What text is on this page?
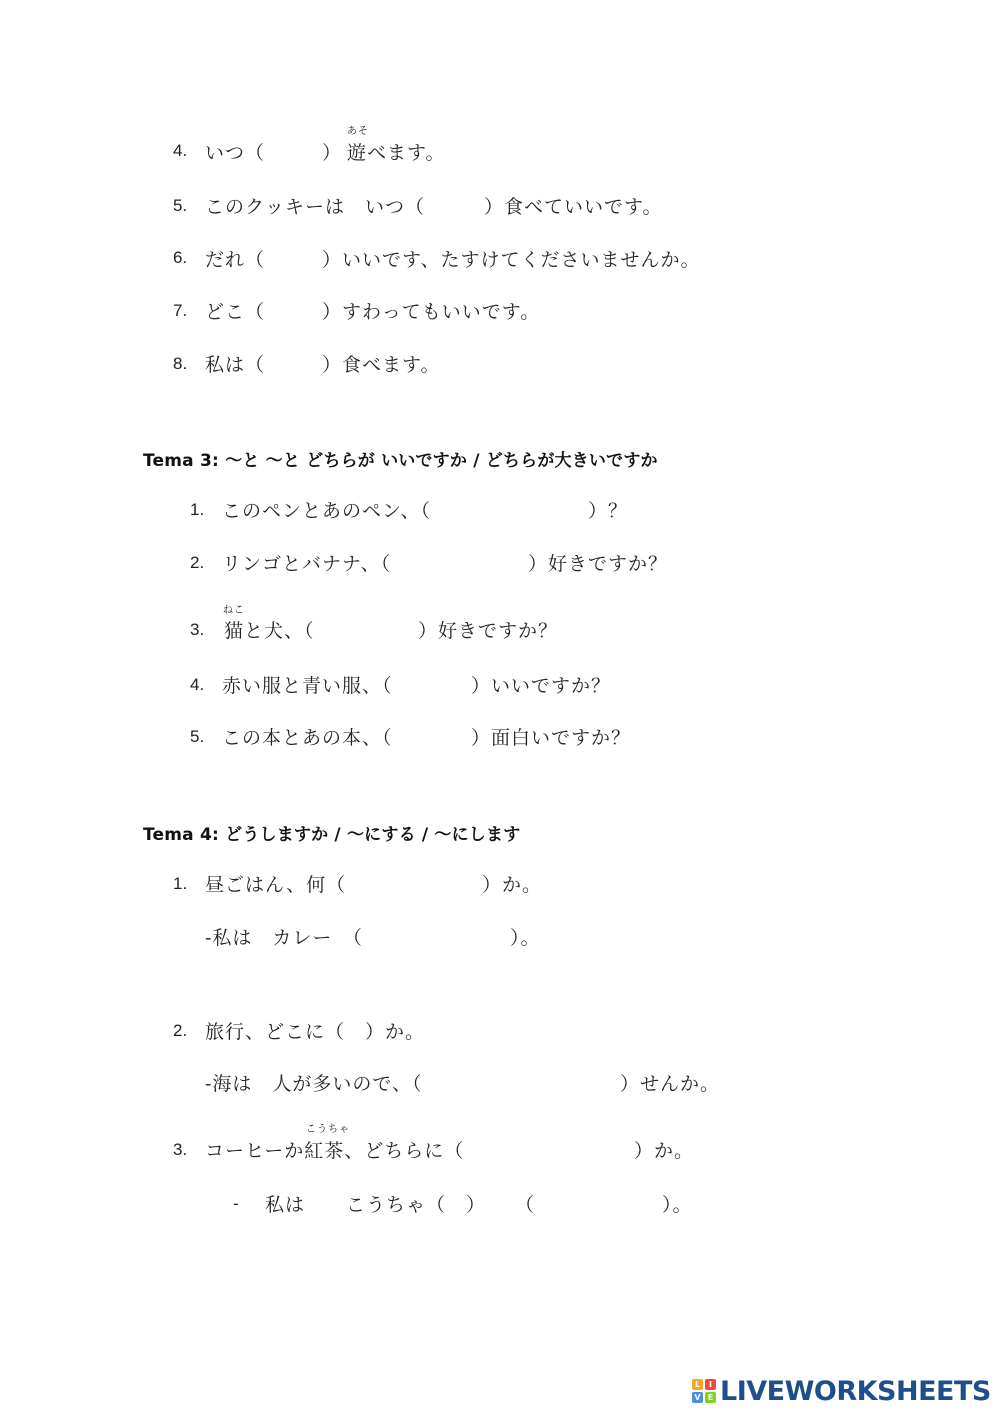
あそ
4. いつ（	） 遊べます。
5. このクッキーは　いつ（	）食べていいです。
6. だれ（	）いいです、たすけてくださいませんか。
7. どこ（	）すわってもいいです。
8. 私は（	）食べます。
Tema 3: 〜と 〜と どちらが いいですか / どちらが大きいですか
1. このペンとあのペン、（	）？
2. リンゴとバナナ、（	）好きですか？
ねこ
3. 猫と犬、（	）好きですか？
4. 赤い服と青い服、（	）いいですか？
5. この本とあの本、（	）面白いですか？
Tema 4: どうしますか / 〜にする / 〜にします
1. 昼ごはん、何（	）か。
-私は　カレー　（	）。
2. 旅行、どこに（　）か。
-海は　人が多いので、（	）せんか。
こうちゃ
3. コーヒーか紅茶、どちらに（	）か。
- 私は こうちゃ（　） （	）。
L	I
V E LIVEWORKSHEETS
